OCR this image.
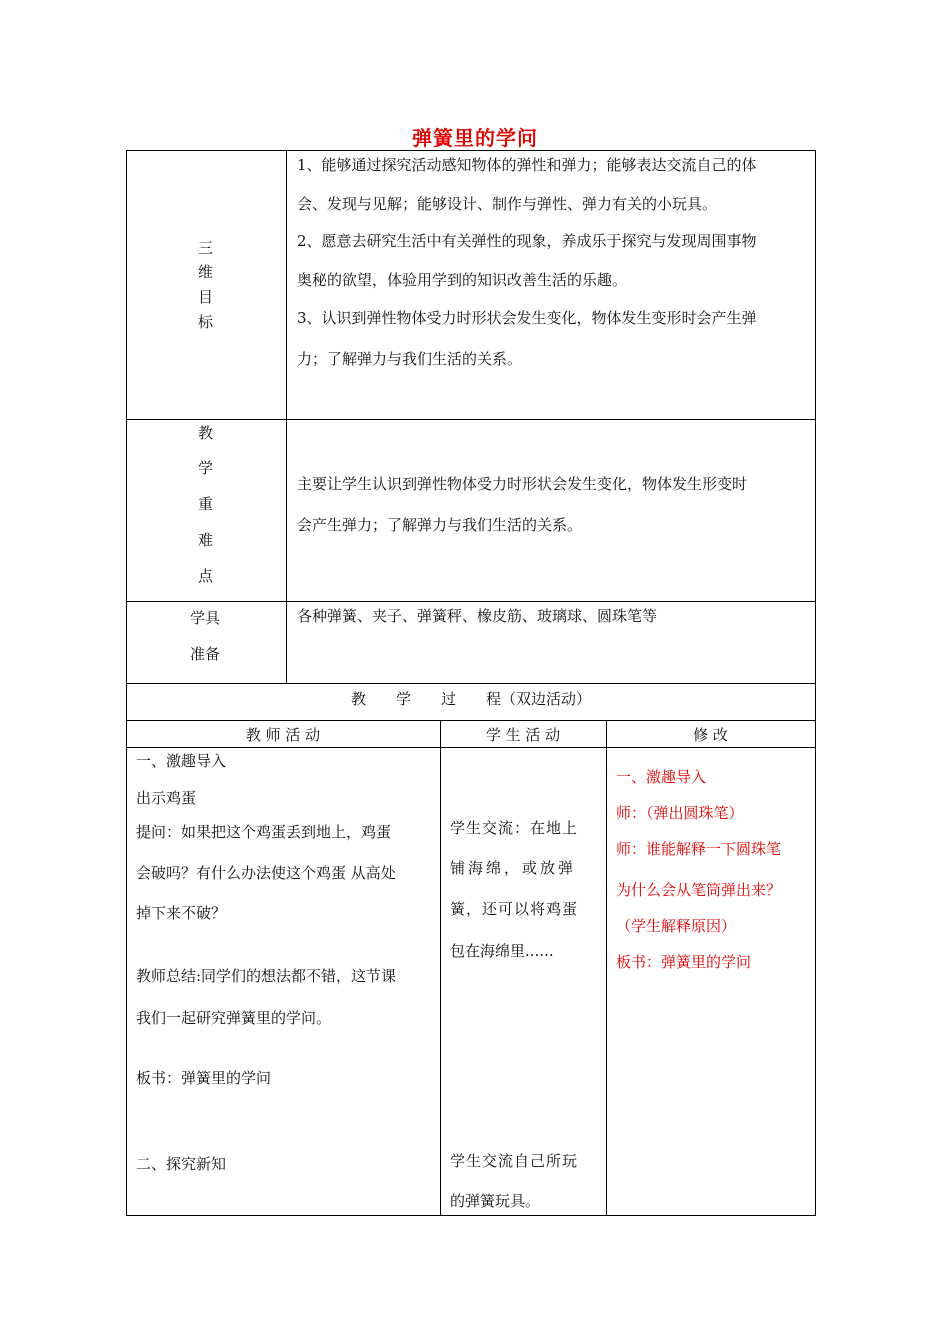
弹簧里的学问
三
维
目
标
1、能够通过探究活动感知物体的弹性和弹力；能够表达交流自己的体
会、发现与见解；能够设计、制作与弹性、弹力有关的小玩具。
2、愿意去研究生活中有关弹性的现象，养成乐于探究与发现周围事物
奥秘的欲望，体验用学到的知识改善生活的乐趣。
3、认识到弹性物体受力时形状会发生变化，物体发生变形时会产生弹
力；了解弹力与我们生活的关系。
教
学
重
难
点
主要让学生认识到弹性物体受力时形状会发生变化，物体发生形变时
会产生弹力；了解弹力与我们生活的关系。
学具
准备
各种弹簧、夹子、弹簧秤、橡皮筋、玻璃球、圆珠笔等
教　　学　　过　　程（双边活动）
教 师 活 动	学 生 活 动	修 改
一、激趣导入
出示鸡蛋
提问：如果把这个鸡蛋丢到地上，鸡蛋
会破吗？有什么办法使这个鸡蛋 从高处
掉下来不破？
教师总结:同学们的想法都不错，这节课
我们一起研究弹簧里的学问。
板书：弹簧里的学问
二、探究新知
学生交流：在地上
铺海绵，或放弹
簧，还可以将鸡蛋
包在海绵里......
学生交流自己所玩
的弹簧玩具。
一、激趣导入
师：（弹出圆珠笔）
师：谁能解释一下圆珠笔
为什么会从笔筒弹出来？
（学生解释原因）
板书：弹簧里的学问
